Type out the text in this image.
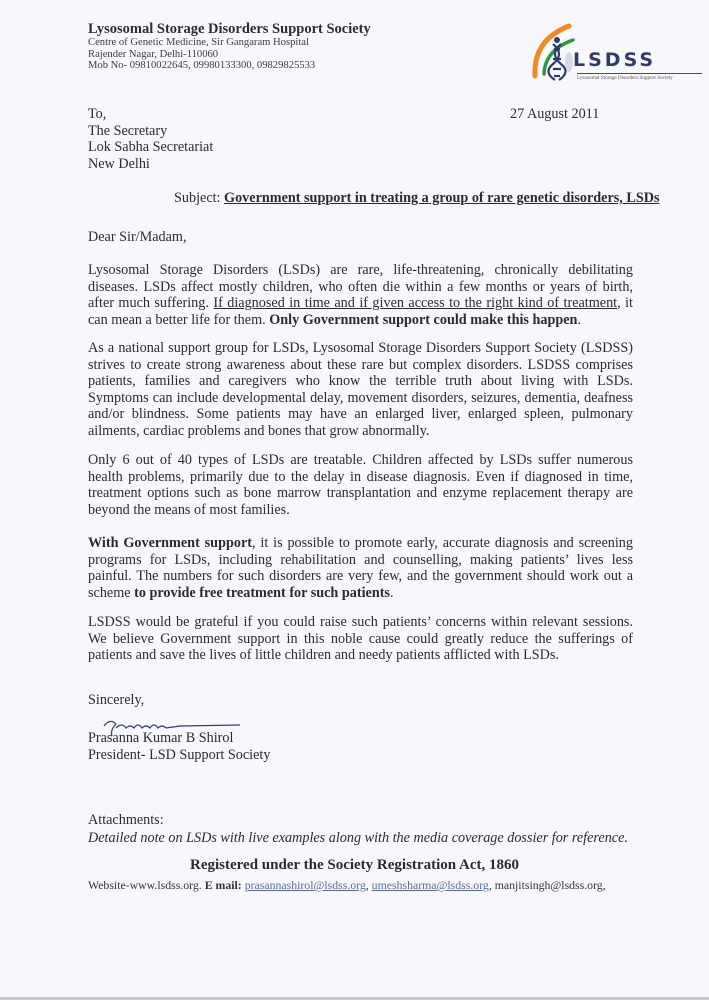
Lysosomal Storage Disorders Support Society
Centre of Genetic Medicine, Sir Gangaram Hospital
Rajender Nagar, Delhi-110060
Mob No- 09810022645, 09980133300, 09829825533	LSDSS
Lysosomal Storage Disorders Support Society
To,
The Secretary
Lok Sabha Secretariat
New Delhi
27 August 2011
Subject: Government support in treating a group of rare genetic disorders, LSDs
Dear Sir/Madam,
Lysosomal Storage Disorders (LSDs) are rare, life-threatening, chronically debilitating diseases. LSDs affect mostly children, who often die within a few months or years of birth, after much suffering. If diagnosed in time and if given access to the right kind of treatment, it can mean a better life for them. Only Government support could make this happen.
As a national support group for LSDs, Lysosomal Storage Disorders Support Society (LSDSS) strives to create strong awareness about these rare but complex disorders. LSDSS comprises patients, families and caregivers who know the terrible truth about living with LSDs. Symptoms can include developmental delay, movement disorders, seizures, dementia, deafness and/or blindness. Some patients may have an enlarged liver, enlarged spleen, pulmonary ailments, cardiac problems and bones that grow abnormally.
Only 6 out of 40 types of LSDs are treatable. Children affected by LSDs suffer numerous health problems, primarily due to the delay in disease diagnosis. Even if diagnosed in time, treatment options such as bone marrow transplantation and enzyme replacement therapy are beyond the means of most families.
With Government support, it is possible to promote early, accurate diagnosis and screening programs for LSDs, including rehabilitation and counselling, making patients’ lives less painful. The numbers for such disorders are very few, and the government should work out a scheme to provide free treatment for such patients.
LSDSS would be grateful if you could raise such patients’ concerns within relevant sessions. We believe Government support in this noble cause could greatly reduce the sufferings of patients and save the lives of little children and needy patients afflicted with LSDs.
Sincerely,
Prasanna Kumar B Shirol
President- LSD Support Society
Attachments:
Detailed note on LSDs with live examples along with the media coverage dossier for reference.
Registered under the Society Registration Act, 1860
Website-www.lsdss.org. E mail: prasannashirol@lsdss.org, umeshsharma@lsdss.org, manjitsingh@lsdss.org,
